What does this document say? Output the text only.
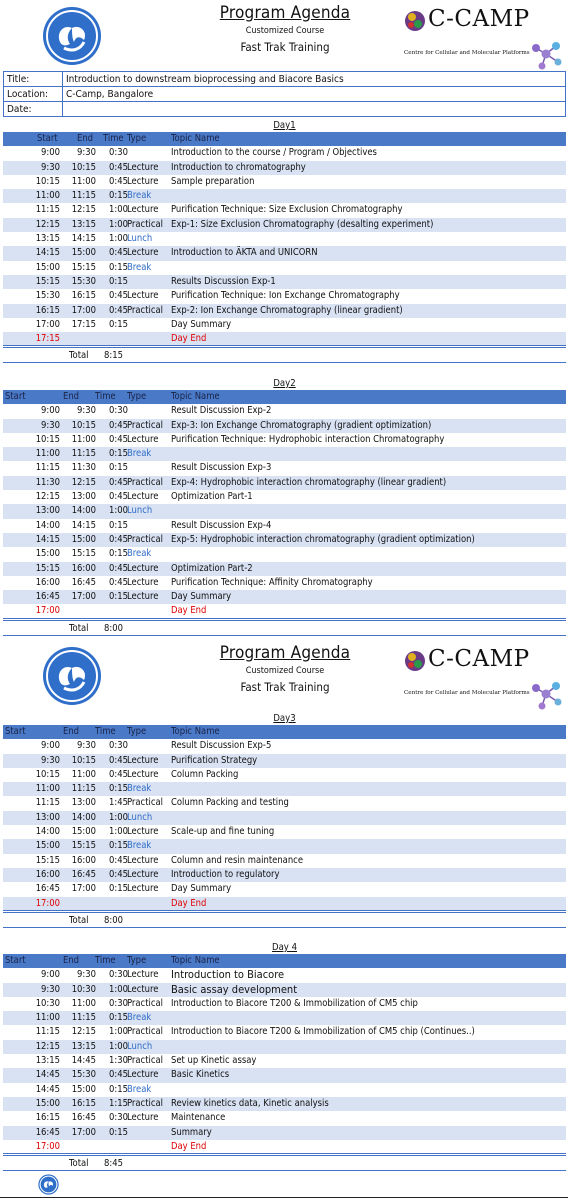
Program Agenda
Customized Course
Fast Trak Training
C-CAMP
Centre for Cellular and Molecular Platforms
Title:	Introduction to downstream bioprocessing and Biacore Basics
Location:	C-Camp, Bangalore
Date:	
Program Agenda
Customized Course
Fast Trak Training
C-CAMP
Centre for Cellular and Molecular Platforms
Day1
Start End Time Type	Topic Name
9:00 9:30 0:30	Introduction to the course / Program / Objectives
9:30 10:15 0:45 Lecture Introduction to chromatography
10:15 11:00 0:45 Lecture Sample preparation
11:00 11:15 0:15 Break
11:15 12:15 1:00 Lecture Purification Technique: Size Exclusion Chromatography
12:15 13:15 1:00 Practical Exp-1: Size Exclusion Chromatography (desalting experiment)
13:15 14:15 1:00 Lunch
14:15 15:00 0:45 Lecture Introduction to ÄKTA and UNICORN
15:00 15:15 0:15 Break
15:15 15:30 0:15	Results Discussion Exp-1
15:30 16:15 0:45 Lecture Purification Technique: Ion Exchange Chromatography
16:15 17:00 0:45 Practical Exp-2: Ion Exchange Chromatography (linear gradient)
17:00 17:15 0:15	Day Summary
17:15	Day End
Total 8:15
Day2
Start	End Time Type	Topic Name
9:00 9:30 0:30	Result Discussion Exp-2
9:30 10:15 0:45 Practical Exp-3: Ion Exchange Chromatography (gradient optimization)
10:15 11:00 0:45 Lecture Purification Technique: Hydrophobic interaction Chromatography
11:00 11:15 0:15 Break
11:15 11:30 0:15	Result Discussion Exp-3
11:30 12:15 0:45 Practical Exp-4: Hydrophobic interaction chromatography (linear gradient)
12:15 13:00 0:45 Lecture Optimization Part-1
13:00 14:00 1:00 Lunch
14:00 14:15 0:15	Result Discussion Exp-4
14:15 15:00 0:45 Practical Exp-5: Hydrophobic interaction chromatography (gradient optimization)
15:00 15:15 0:15 Break
15:15 16:00 0:45 Lecture Optimization Part-2
16:00 16:45 0:45 Lecture Purification Technique: Affinity Chromatography
16:45 17:00 0:15 Lecture Day Summary
17:00	Day End
Total 8:00
Day3
Start	End Time Type	Topic Name
9:00 9:30 0:30	Result Discussion Exp-5
9:30 10:15 0:45 Lecture Purification Strategy
10:15 11:00 0:45 Lecture Column Packing
11:00 11:15 0:15 Break
11:15 13:00 1:45 Practical Column Packing and testing
13:00 14:00 1:00 Lunch
14:00 15:00 1:00 Lecture Scale-up and fine tuning
15:00 15:15 0:15 Break
15:15 16:00 0:45 Lecture Column and resin maintenance
16:00 16:45 0:45 Lecture Introduction to regulatory
16:45 17:00 0:15 Lecture Day Summary
17:00	Day End
Total 8:00
Day 4
Start	End Time Type	Topic Name
9:00 9:30 0:30 Lecture Introduction to Biacore
9:30 10:30 1:00 Lecture Basic assay development
10:30 11:00 0:30 Practical Introduction to Biacore T200 & Immobilization of CM5 chip
11:00 11:15 0:15 Break
11:15 12:15 1:00 Practical Introduction to Biacore T200 & Immobilization of CM5 chip (Continues..)
12:15 13:15 1:00 Lunch
13:15 14:45 1:30 Practical Set up Kinetic assay
14:45 15:30 0:45 Lecture Basic Kinetics
14:45 15:00 0:15 Break
15:00 16:15 1:15 Practical Review kinetics data, Kinetic analysis
16:15 16:45 0:30 Lecture Maintenance
16:45 17:00 0:15	Summary
17:00	Day End
Total 8:45
